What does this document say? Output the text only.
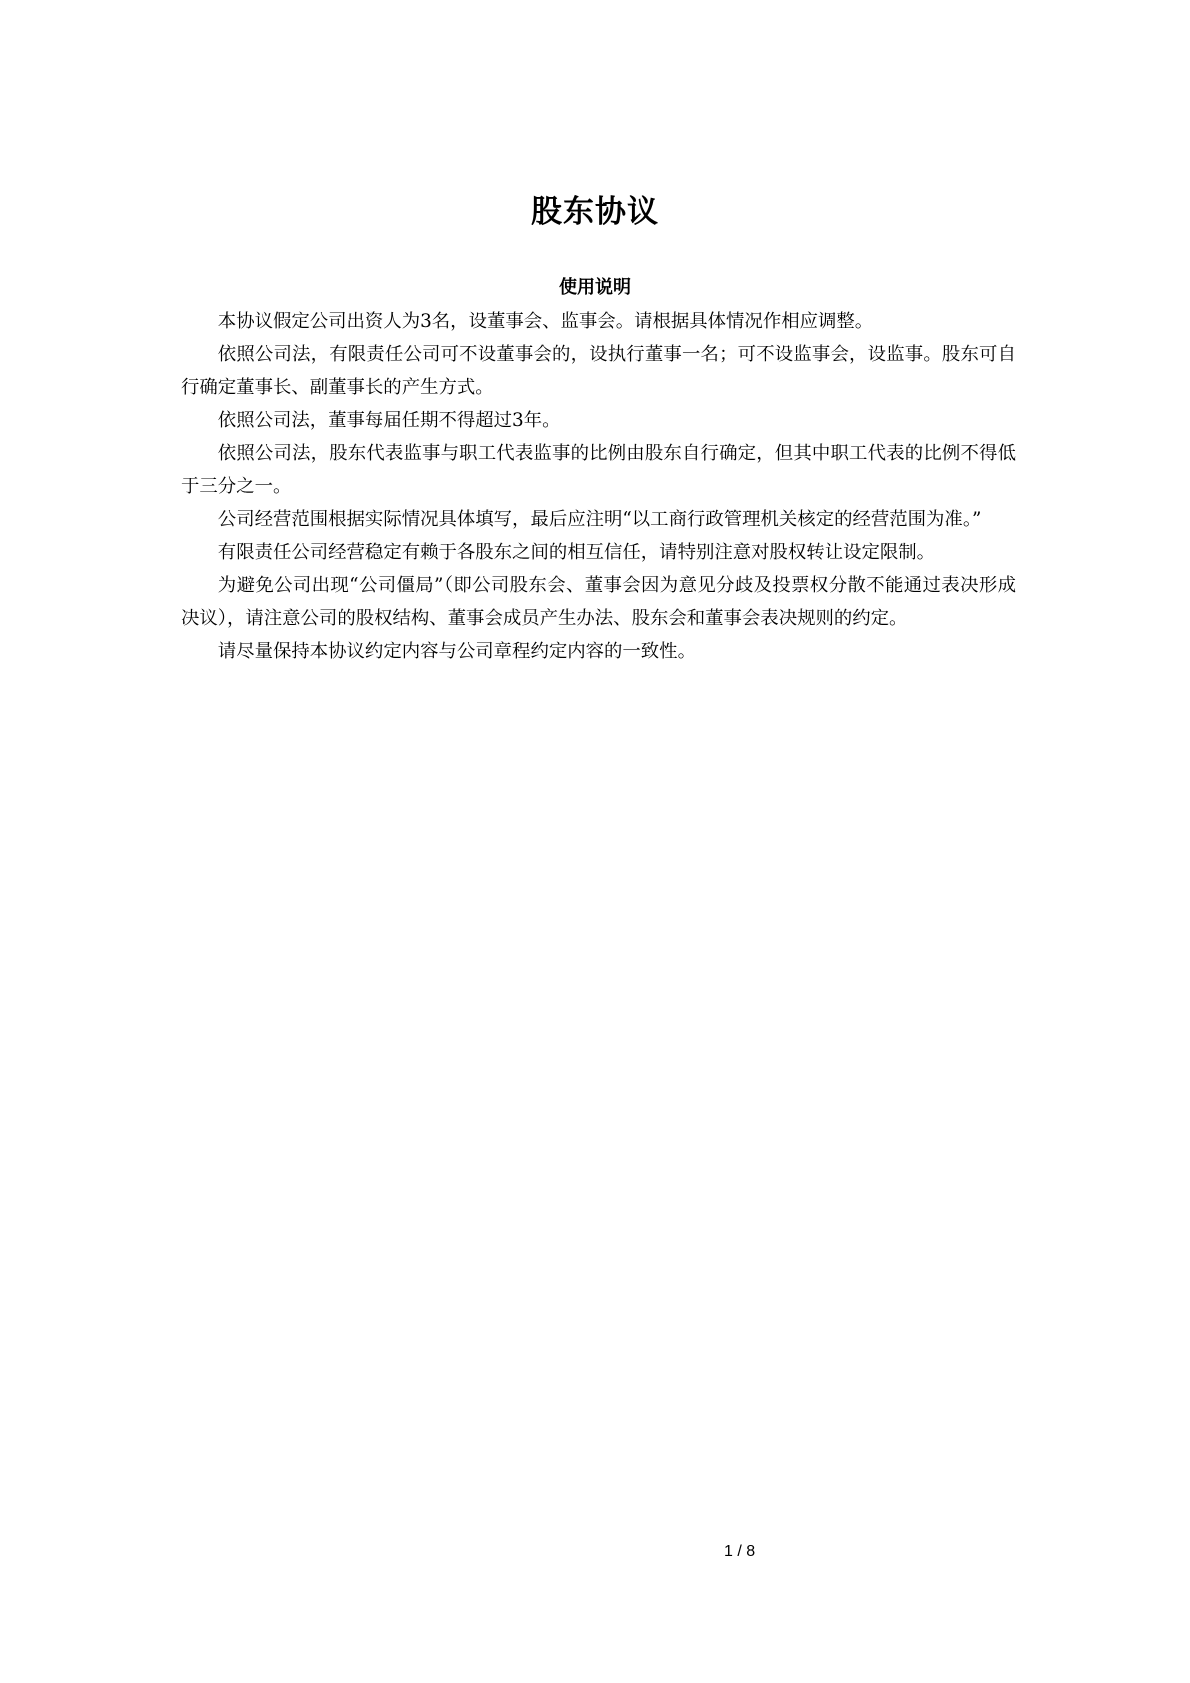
股东协议
使用说明

本协议假定公司出资人为3名，设董事会、监事会。请根据具体情况作相应调整。

依照公司法，有限责任公司可不设董事会的，设执行董事一名；可不设监事会，设监事。股东可自行确定董事长、副董事长的产生方式。

依照公司法，董事每届任期不得超过3年。

依照公司法，股东代表监事与职工代表监事的比例由股东自行确定，但其中职工代表的比例不得低于三分之一。

公司经营范围根据实际情况具体填写，最后应注明“以工商行政管理机关核定的经营范围为准。”

有限责任公司经营稳定有赖于各股东之间的相互信任，请特别注意对股权转让设定限制。

为避免公司出现“公司僵局”（即公司股东会、董事会因为意见分歧及投票权分散不能通过表决形成决议），请注意公司的股权结构、董事会成员产生办法、股东会和董事会表决规则的约定。

请尽量保持本协议约定内容与公司章程约定内容的一致性。

1 / 8
